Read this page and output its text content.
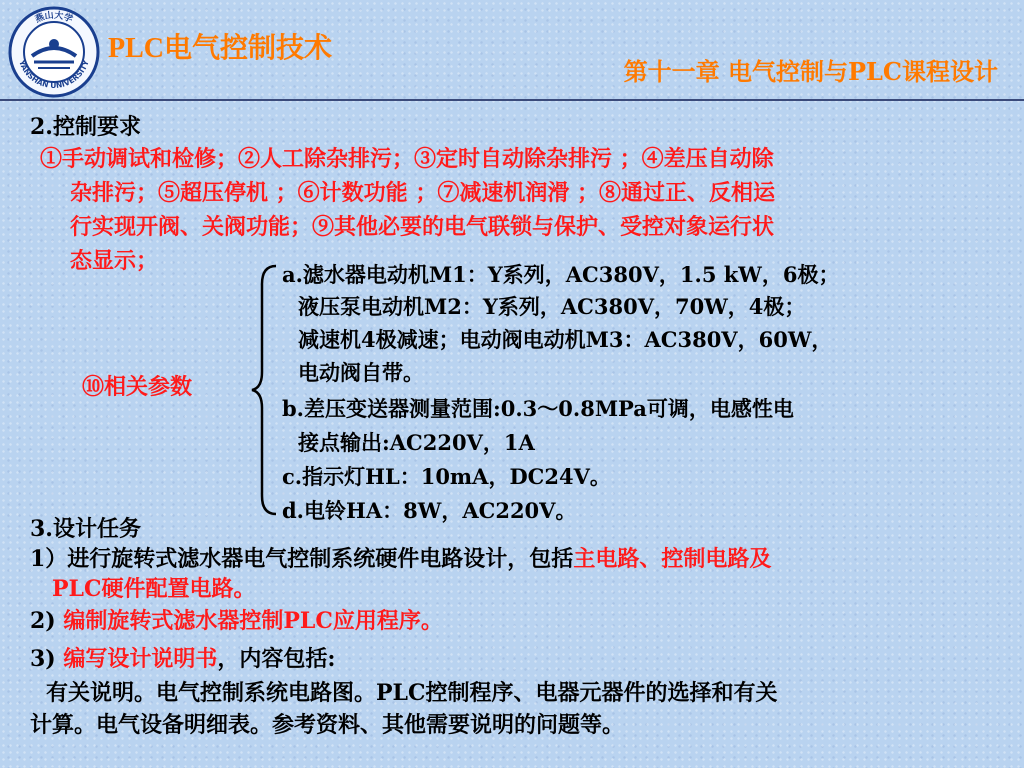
燕山大学
YANSHAN UNIVERSITY PLC电气控制技术
第十一章 电气控制与PLC课程设计
2.控制要求
①手动调试和检修；②人工除杂排污；③定时自动除杂排污 ；④差压自动除
杂排污；⑤超压停机 ；⑥计数功能 ；⑦减速机润滑 ；⑧通过正、反相运
行实现开阀、关阀功能；⑨其他必要的电气联锁与保护、受控对象运行状
态显示；
⑩相关参数
a.滤水器电动机M1：Y系列，AC380V，1.5 kW，6极；
液压泵电动机M2：Y系列，AC380V，70W，4极；
减速机4极减速；电动阀电动机M3：AC380V，60W，
电动阀自带。
b.差压变送器测量范围:0.3～0.8MPa可调，电感性电
接点输出:AC220V，1A
c.指示灯HL：10mA，DC24V。
d.电铃HA：8W，AC220V。
3.设计任务
1）进行旋转式滤水器电气控制系统硬件电路设计，包括主电路、控制电路及
PLC硬件配置电路。
2) 编制旋转式滤水器控制PLC应用程序。
3) 编写设计说明书，内容包括:
有关说明。电气控制系统电路图。PLC控制程序、电器元器件的选择和有关
计算。电气设备明细表。参考资料、其他需要说明的问题等。
